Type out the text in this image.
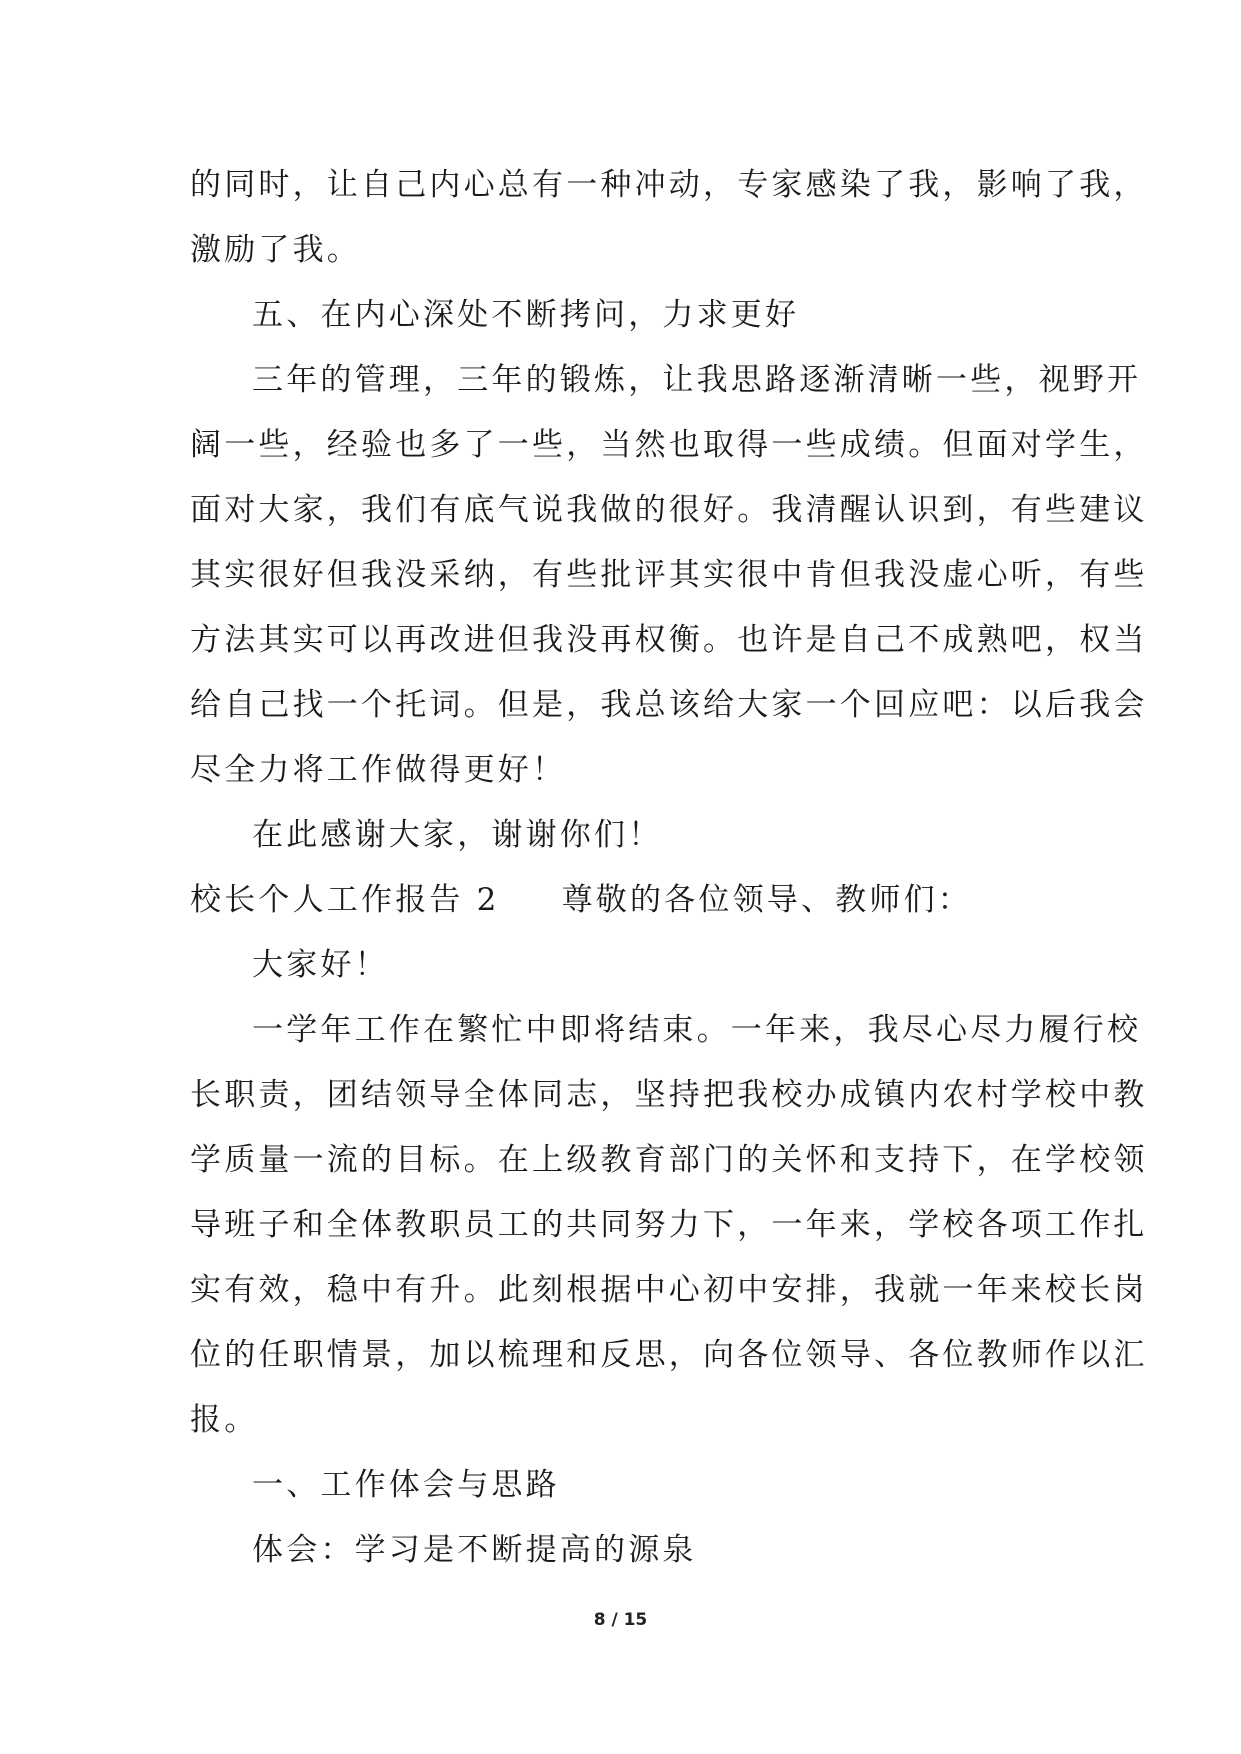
的同时，让自己内心总有一种冲动，专家感染了我，影响了我，

激励了我。

五、在内心深处不断拷问，力求更好

三年的管理，三年的锻炼，让我思路逐渐清晰一些，视野开

阔一些，经验也多了一些，当然也取得一些成绩。但面对学生，

面对大家，我们有底气说我做的很好。我清醒认识到，有些建议

其实很好但我没采纳，有些批评其实很中肯但我没虚心听，有些

方法其实可以再改进但我没再权衡。也许是自己不成熟吧，权当

给自己找一个托词。但是，我总该给大家一个回应吧：以后我会

尽全力将工作做得更好！

在此感谢大家，谢谢你们！

校长个人工作报告 2 尊敬的各位领导、教师们：

大家好！

一学年工作在繁忙中即将结束。一年来，我尽心尽力履行校

长职责，团结领导全体同志，坚持把我校办成镇内农村学校中教

学质量一流的目标。在上级教育部门的关怀和支持下，在学校领

导班子和全体教职员工的共同努力下，一年来，学校各项工作扎

实有效，稳中有升。此刻根据中心初中安排，我就一年来校长岗

位的任职情景，加以梳理和反思，向各位领导、各位教师作以汇

报。

一、工作体会与思路

体会：学习是不断提高的源泉

8 / 15
